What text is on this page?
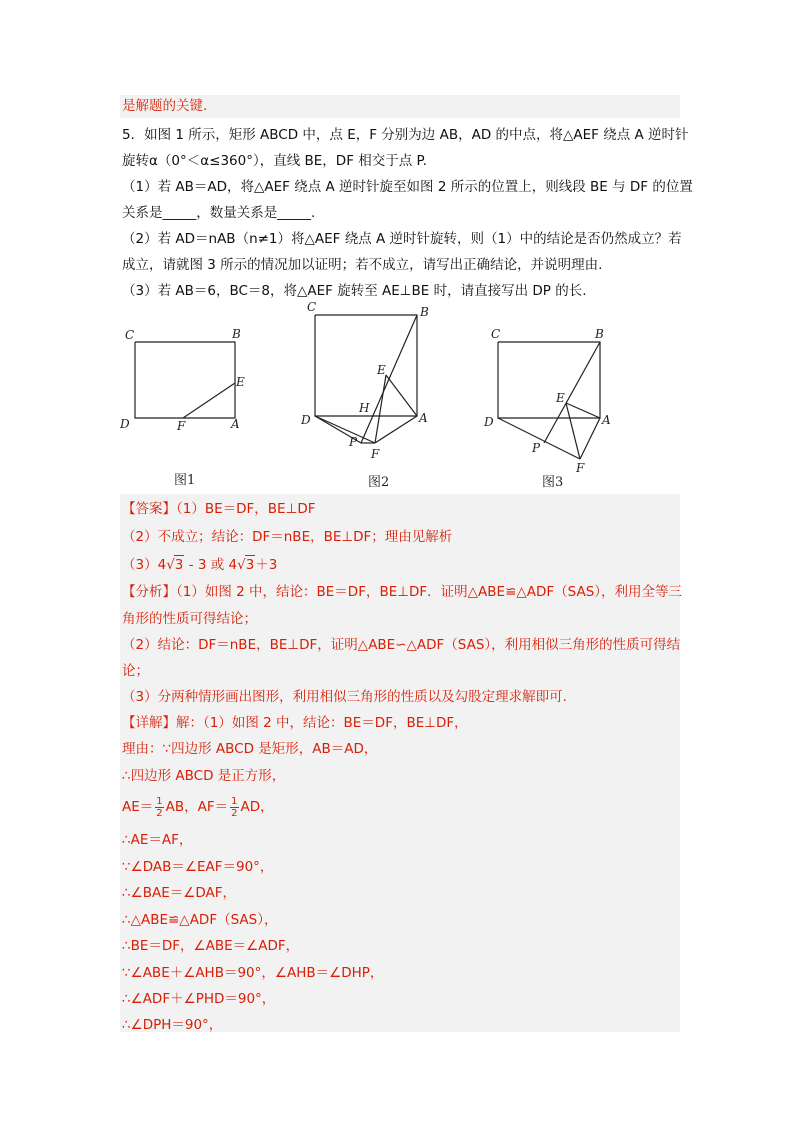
是解题的关键.
5．如图 1 所示，矩形 ABCD 中，点 E，F 分别为边 AB，AD 的中点，将△AEF 绕点 A 逆时针
旋转α（0°＜α≤360°），直线 BE，DF 相交于点 P.
（1）若 AB＝AD，将△AEF 绕点 A 逆时针旋至如图 2 所示的位置上，则线段 BE 与 DF 的位置
关系是_____，数量关系是_____.
（2）若 AD＝nAB（n≠1）将△AEF 绕点 A 逆时针旋转，则（1）中的结论是否仍然成立？若
成立，请就图 3 所示的情况加以证明；若不成立，请写出正确结论，并说明理由.
（3）若 AB＝6，BC＝8，将△AEF 旋转至 AE⊥BE 时，请直接写出 DP 的长.
C	B
E
D	F	A
图1
C	B
E
H
D	A
P
F
图2
C	B
E
D	A
P
F
图3
【答案】（1）BE＝DF，BE⊥DF
（2）不成立；结论：DF＝nBE，BE⊥DF；理由见解析
（3）4√3 - 3 或 4√3＋3
【分析】（1）如图 2 中，结论：BE＝DF，BE⊥DF．证明△ABE≌△ADF（SAS），利用全等三
角形的性质可得结论；
（2）结论：DF＝nBE，BE⊥DF，证明△ABE∽△ADF（SAS），利用相似三角形的性质可得结
论；
（3）分两种情形画出图形，利用相似三角形的性质以及勾股定理求解即可.
【详解】解：（1）如图 2 中，结论：BE＝DF，BE⊥DF，
理由：∵四边形 ABCD 是矩形，AB＝AD，
∴四边形 ABCD 是正方形，
$AE= \frac{1}{2}$ AB，$AF= \frac{1}{2}$ AD，
∴AE＝AF，
∵∠DAB＝∠EAF＝90°，
∴∠BAE＝∠DAF，
∴△ABE≌△ADF（SAS），
∴BE＝DF，∠ABE＝∠ADF，
∵∠ABE＋∠AHB＝90°，∠AHB＝∠DHP，
∴∠ADF＋∠PHD＝90°，
∴∠DPH＝90°，
